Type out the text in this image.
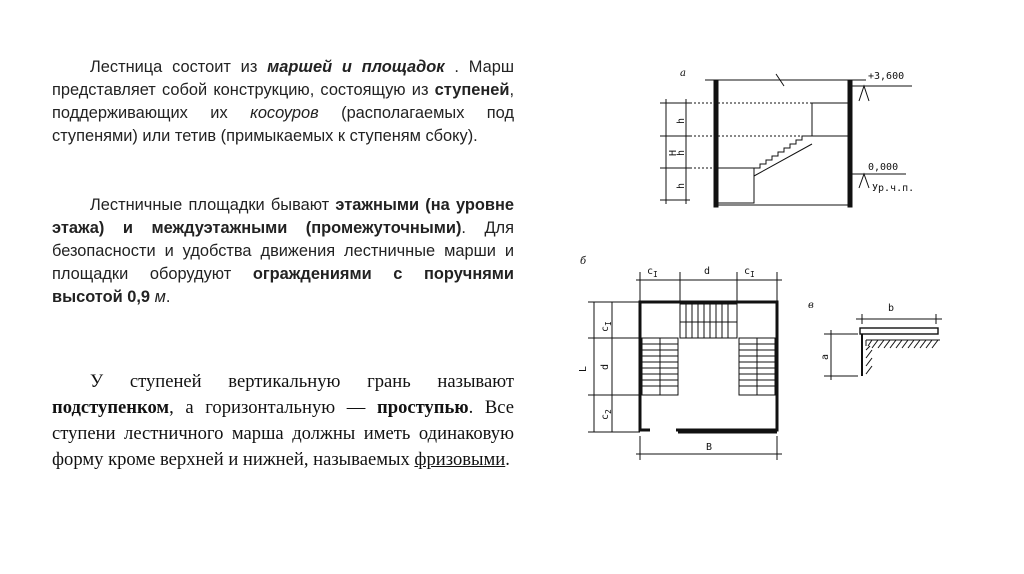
Лестница состоит из маршей и площадок . Марш представляет собой конструкцию, состоящую из ступеней, поддерживающих их косоуров (располагаемых под ступенями) или тетив (примыкаемых к ступеням сбоку).
Лестничные площадки бывают этажными (на уровне этажа) и междуэтажными (промежуточными). Для безопасности и удобства движения лестничные марши и площадки оборудуют ограждениями с поручнями высотой 0,9 м.
У ступеней вертикальную грань называют подступенком, а горизонтальную — проступью. Все ступени лестничного марша должны иметь одинаковую форму кроме верхней и нижней, называемых фризовыми.
а
H
h
h
h
+3,600
0,000
Ур.ч.п.
б
$c_I$	d	$c_I$
L
$c_I$
d
$c_2$
B
в	b
a
